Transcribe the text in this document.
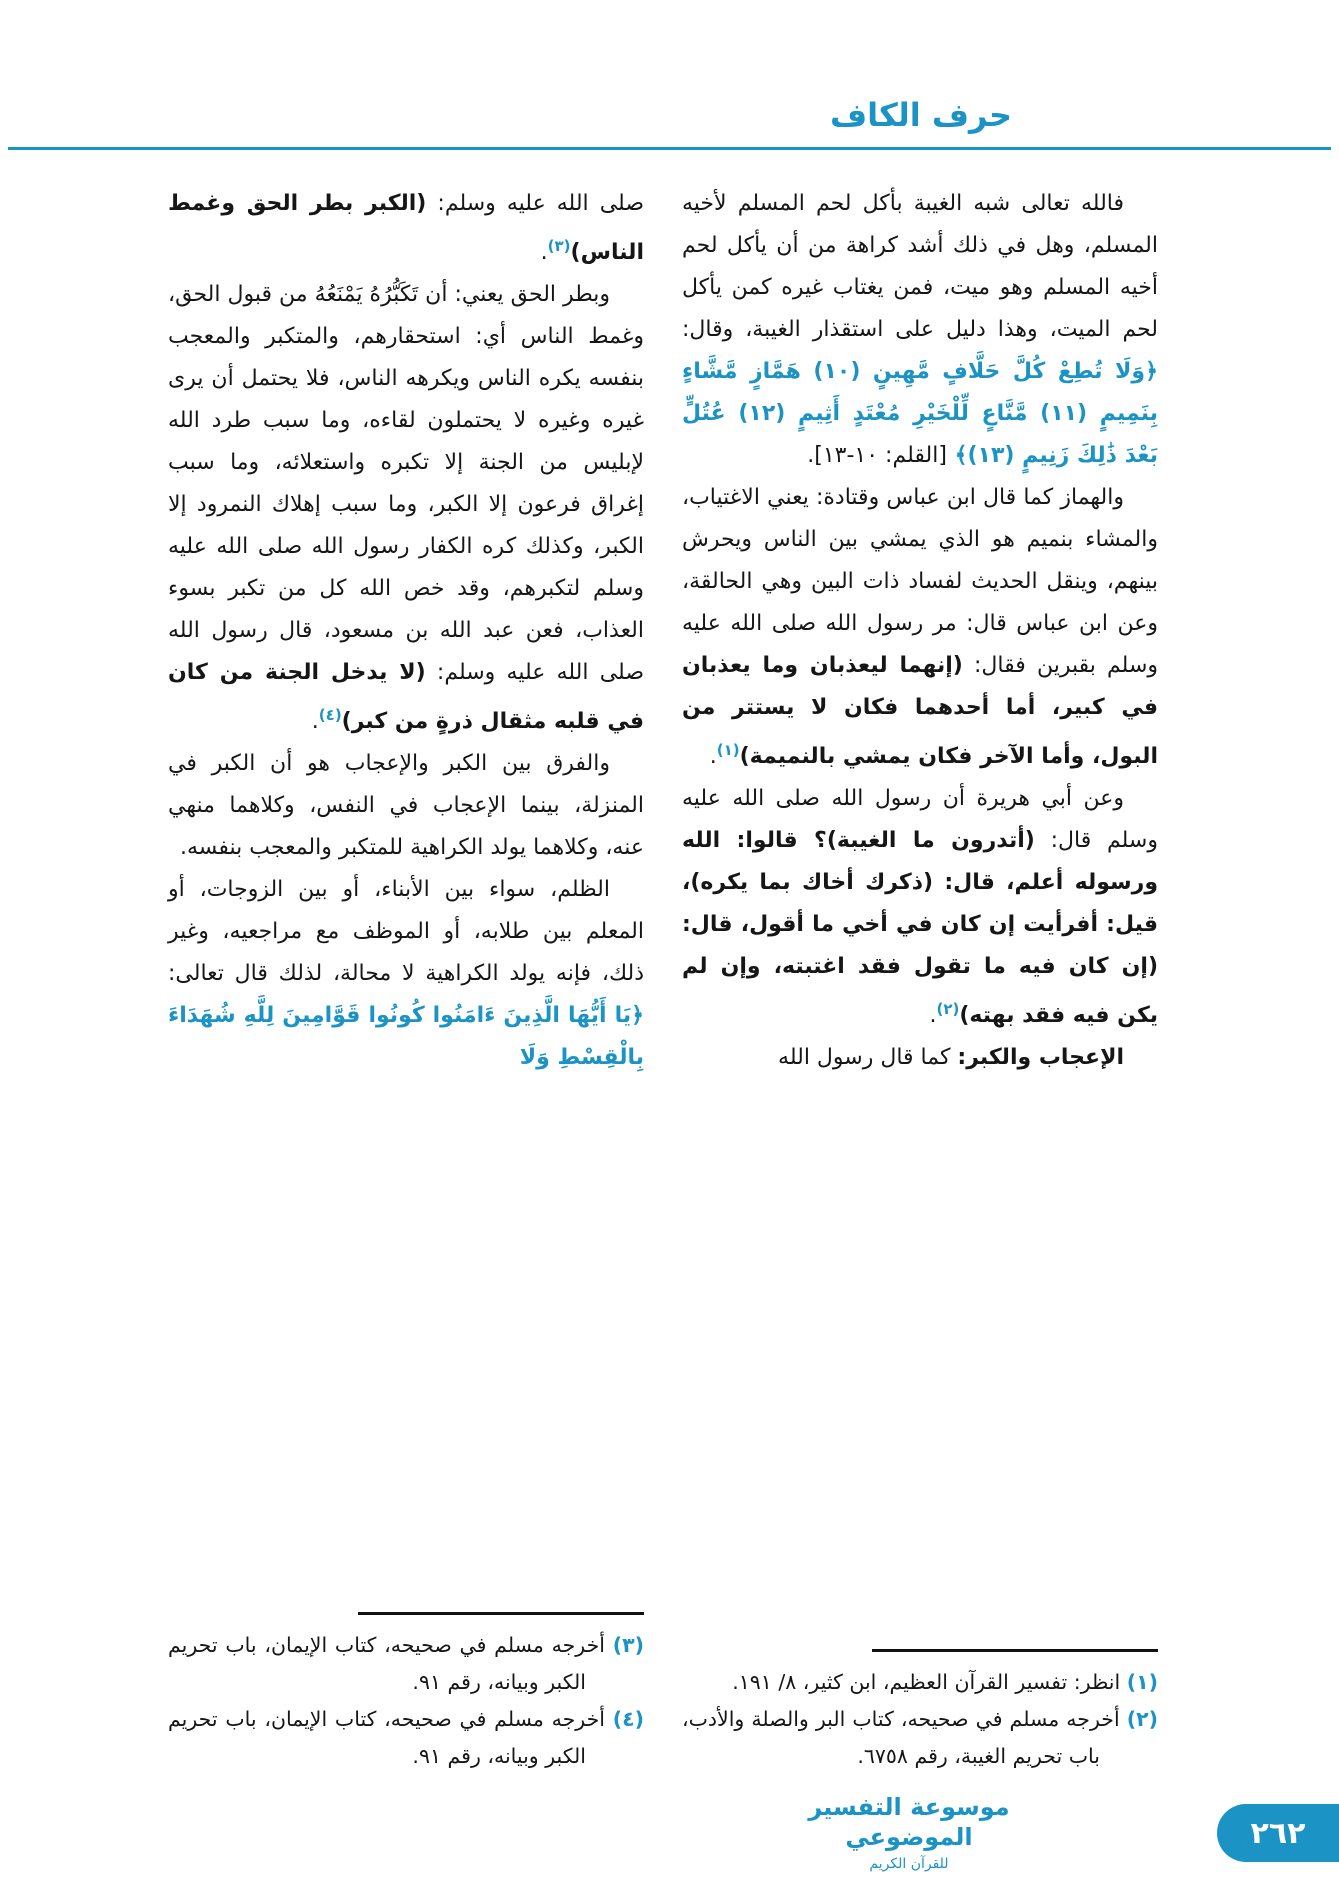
حرف الكاف

فالله تعالى شبه الغيبة بأكل لحم المسلم لأخيه المسلم، وهل في ذلك أشد كراهة من أن يأكل لحم أخيه المسلم وهو ميت، فمن يغتاب غيره كمن يأكل لحم الميت، وهذا دليل على استقذار الغيبة، وقال: ﴿وَلَا تُطِعْ كُلَّ حَلَّافٍ مَّهِينٍ (١٠) هَمَّازٍ مَّشَّاءٍ بِنَمِيمٍ (١١) مَّنَّاعٍ لِّلْخَيْرِ مُعْتَدٍ أَثِيمٍ (١٢) عُتُلٍّ بَعْدَ ذَٰلِكَ زَنِيمٍ (١٣)﴾ [القلم: ١٠-١٣].

والهماز كما قال ابن عباس وقتادة: يعني الاغتياب، والمشاء بنميم هو الذي يمشي بين الناس ويحرش بينهم، وينقل الحديث لفساد ذات البين وهي الحالقة، وعن ابن عباس قال: مر رسول الله صلى الله عليه وسلم بقبرين فقال: (إنهما ليعذبان وما يعذبان في كبير، أما أحدهما فكان لا يستتر من البول، وأما الآخر فكان يمشي بالنميمة)$^{(١)}$.

وعن أبي هريرة أن رسول الله صلى الله عليه وسلم قال: (أتدرون ما الغيبة)؟ قالوا: الله ورسوله أعلم، قال: (ذكرك أخاك بما يكره)، قيل: أفرأيت إن كان في أخي ما أقول، قال: (إن كان فيه ما تقول فقد اغتبته، وإن لم يكن فيه فقد بهته)$^{(٢)}$.

الإعجاب والكبر: كما قال رسول الله

(١) انظر: تفسير القرآن العظيم، ابن كثير، ٨/ ١٩١.
(٢) أخرجه مسلم في صحيحه، كتاب البر والصلة والأدب، باب تحريم الغيبة، رقم ٦٧٥٨.

صلى الله عليه وسلم: (الكبر بطر الحق وغمط الناس)$^{(٣)}$.

وبطر الحق يعني: أن تَكَبُّرُهُ يَمْنَعُهُ من قبول الحق، وغمط الناس أي: استحقارهم، والمتكبر والمعجب بنفسه يكره الناس ويكرهه الناس، فلا يحتمل أن يرى غيره وغيره لا يحتملون لقاءه، وما سبب طرد الله لإبليس من الجنة إلا تكبره واستعلائه، وما سبب إغراق فرعون إلا الكبر، وما سبب إهلاك النمرود إلا الكبر، وكذلك كره الكفار رسول الله صلى الله عليه وسلم لتكبرهم، وقد خص الله كل من تكبر بسوء العذاب، فعن عبد الله بن مسعود، قال رسول الله صلى الله عليه وسلم: (لا يدخل الجنة من كان في قلبه مثقال ذرةٍ من كبر)$^{(٤)}$.

والفرق بين الكبر والإعجاب هو أن الكبر في المنزلة، بينما الإعجاب في النفس، وكلاهما منهي عنه، وكلاهما يولد الكراهية للمتكبر والمعجب بنفسه.

الظلم، سواء بين الأبناء، أو بين الزوجات، أو المعلم بين طلابه، أو الموظف مع مراجعيه، وغير ذلك، فإنه يولد الكراهية لا محالة، لذلك قال تعالى: ﴿يَا أَيُّهَا الَّذِينَ ءَامَنُوا كُونُوا قَوَّامِينَ لِلَّهِ شُهَدَاءَ بِالْقِسْطِ وَلَا

(٣) أخرجه مسلم في صحيحه، كتاب الإيمان، باب تحريم الكبر وبيانه، رقم ٩١.
(٤) أخرجه مسلم في صحيحه، كتاب الإيمان، باب تحريم الكبر وبيانه، رقم ٩١.
موسوعة التفسير الموضوعي
للقرآن الكريم
٢٦٢
